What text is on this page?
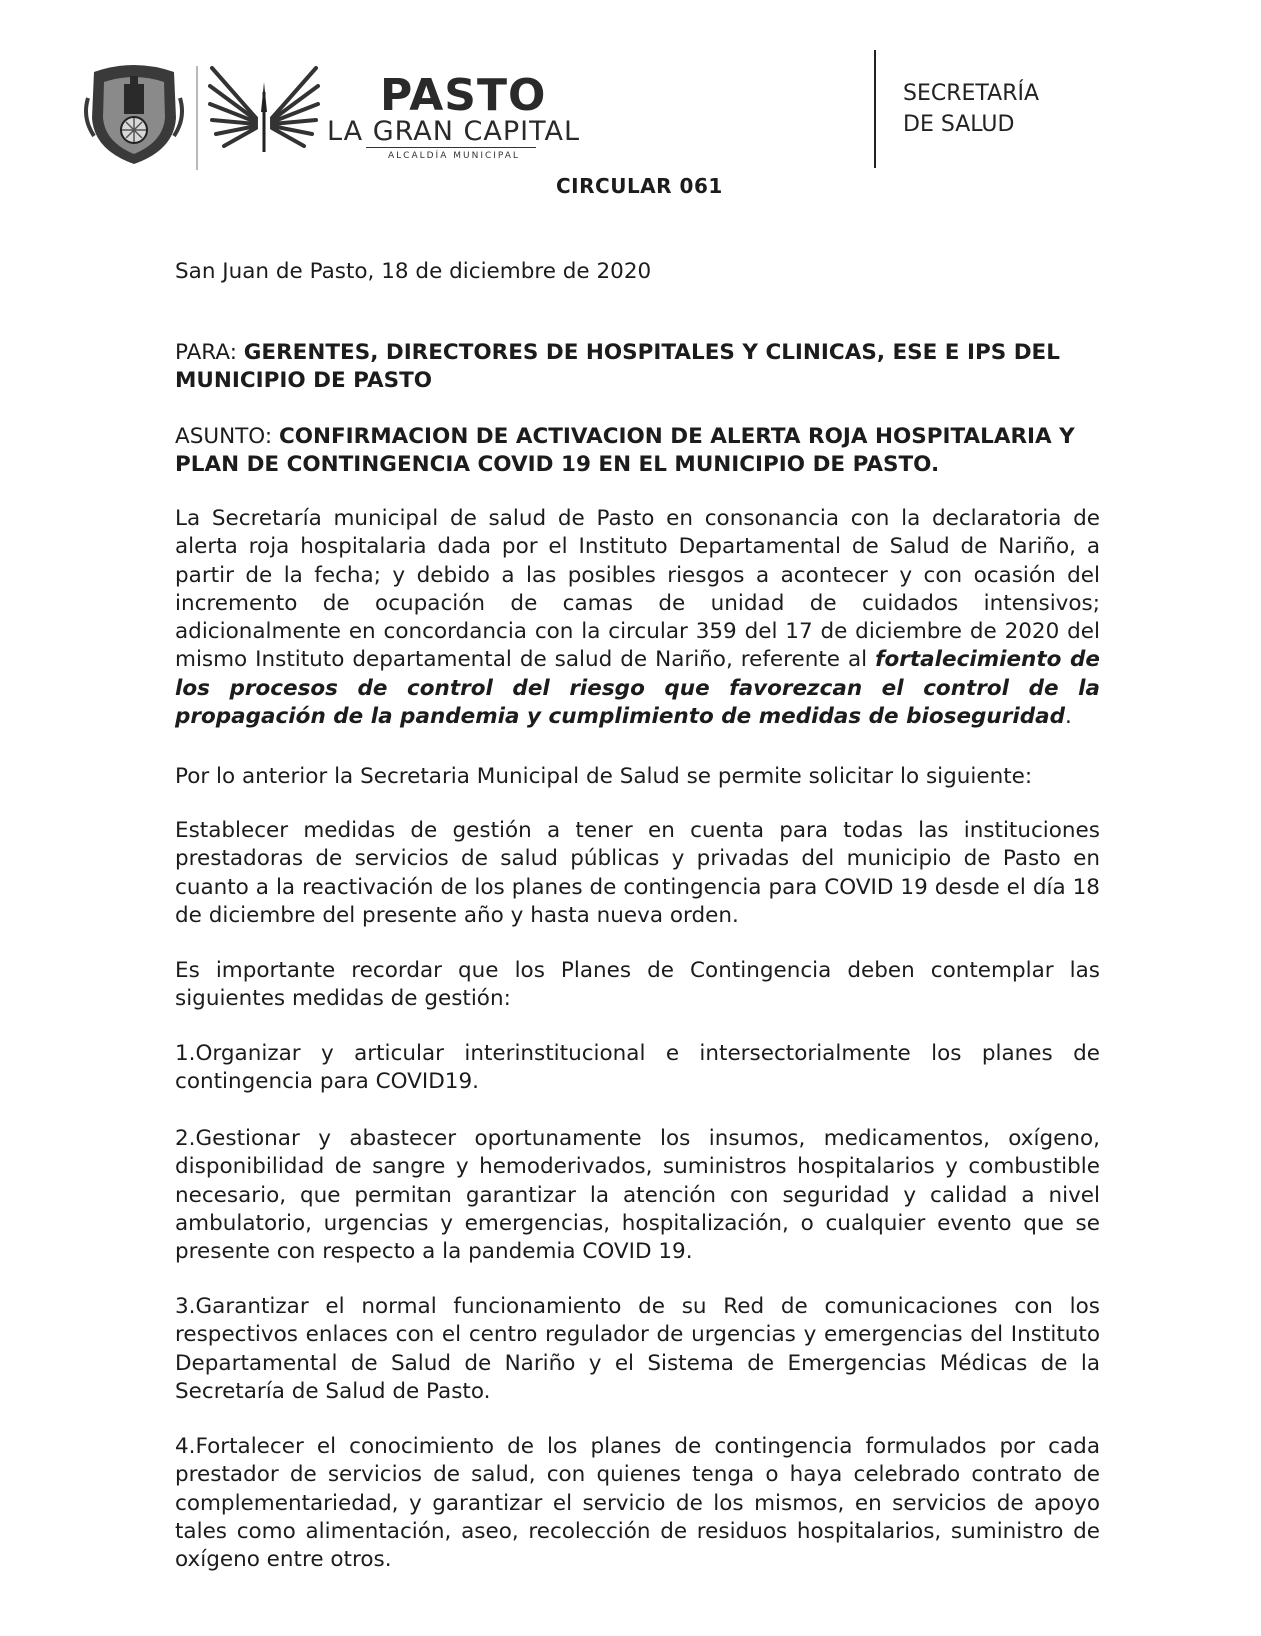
PASTO
LA GRAN CAPITAL
ALCALDÍA MUNICIPAL
SECRETARÍA
DE SALUD
CIRCULAR 061
San Juan de Pasto, 18 de diciembre de 2020
PARA: GERENTES, DIRECTORES DE HOSPITALES Y CLINICAS, ESE E IPS DEL MUNICIPIO DE PASTO
ASUNTO: CONFIRMACION DE ACTIVACION DE ALERTA ROJA HOSPITALARIA Y PLAN DE CONTINGENCIA COVID 19 EN EL MUNICIPIO DE PASTO.
La Secretaría municipal de salud de Pasto en consonancia con la declaratoria de alerta roja hospitalaria dada por el Instituto Departamental de Salud de Nariño, a partir de la fecha; y debido a las posibles riesgos a acontecer y con ocasión del incremento de ocupación de camas de unidad de cuidados intensivos; adicionalmente en concordancia con la circular 359 del 17 de diciembre de 2020 del mismo Instituto departamental de salud de Nariño, referente al fortalecimiento de los procesos de control del riesgo que favorezcan el control de la propagación de la pandemia y cumplimiento de medidas de bioseguridad.
Por lo anterior la Secretaria Municipal de Salud se permite solicitar lo siguiente:
Establecer medidas de gestión a tener en cuenta para todas las instituciones prestadoras de servicios de salud públicas y privadas del municipio de Pasto en cuanto a la reactivación de los planes de contingencia para COVID 19 desde el día 18 de diciembre del presente año y hasta nueva orden.
Es importante recordar que los Planes de Contingencia deben contemplar las siguientes medidas de gestión:
1.Organizar y articular interinstitucional e intersectorialmente los planes de contingencia para COVID19.
2.Gestionar y abastecer oportunamente los insumos, medicamentos, oxígeno, disponibilidad de sangre y hemoderivados, suministros hospitalarios y combustible necesario, que permitan garantizar la atención con seguridad y calidad a nivel ambulatorio, urgencias y emergencias, hospitalización, o cualquier evento que se presente con respecto a la pandemia COVID 19.
3.Garantizar el normal funcionamiento de su Red de comunicaciones con los respectivos enlaces con el centro regulador de urgencias y emergencias del Instituto Departamental de Salud de Nariño y el Sistema de Emergencias Médicas de la Secretaría de Salud de Pasto.
4.Fortalecer el conocimiento de los planes de contingencia formulados por cada prestador de servicios de salud, con quienes tenga o haya celebrado contrato de complementariedad, y garantizar el servicio de los mismos, en servicios de apoyo tales como alimentación, aseo, recolección de residuos hospitalarios, suministro de oxígeno entre otros.
